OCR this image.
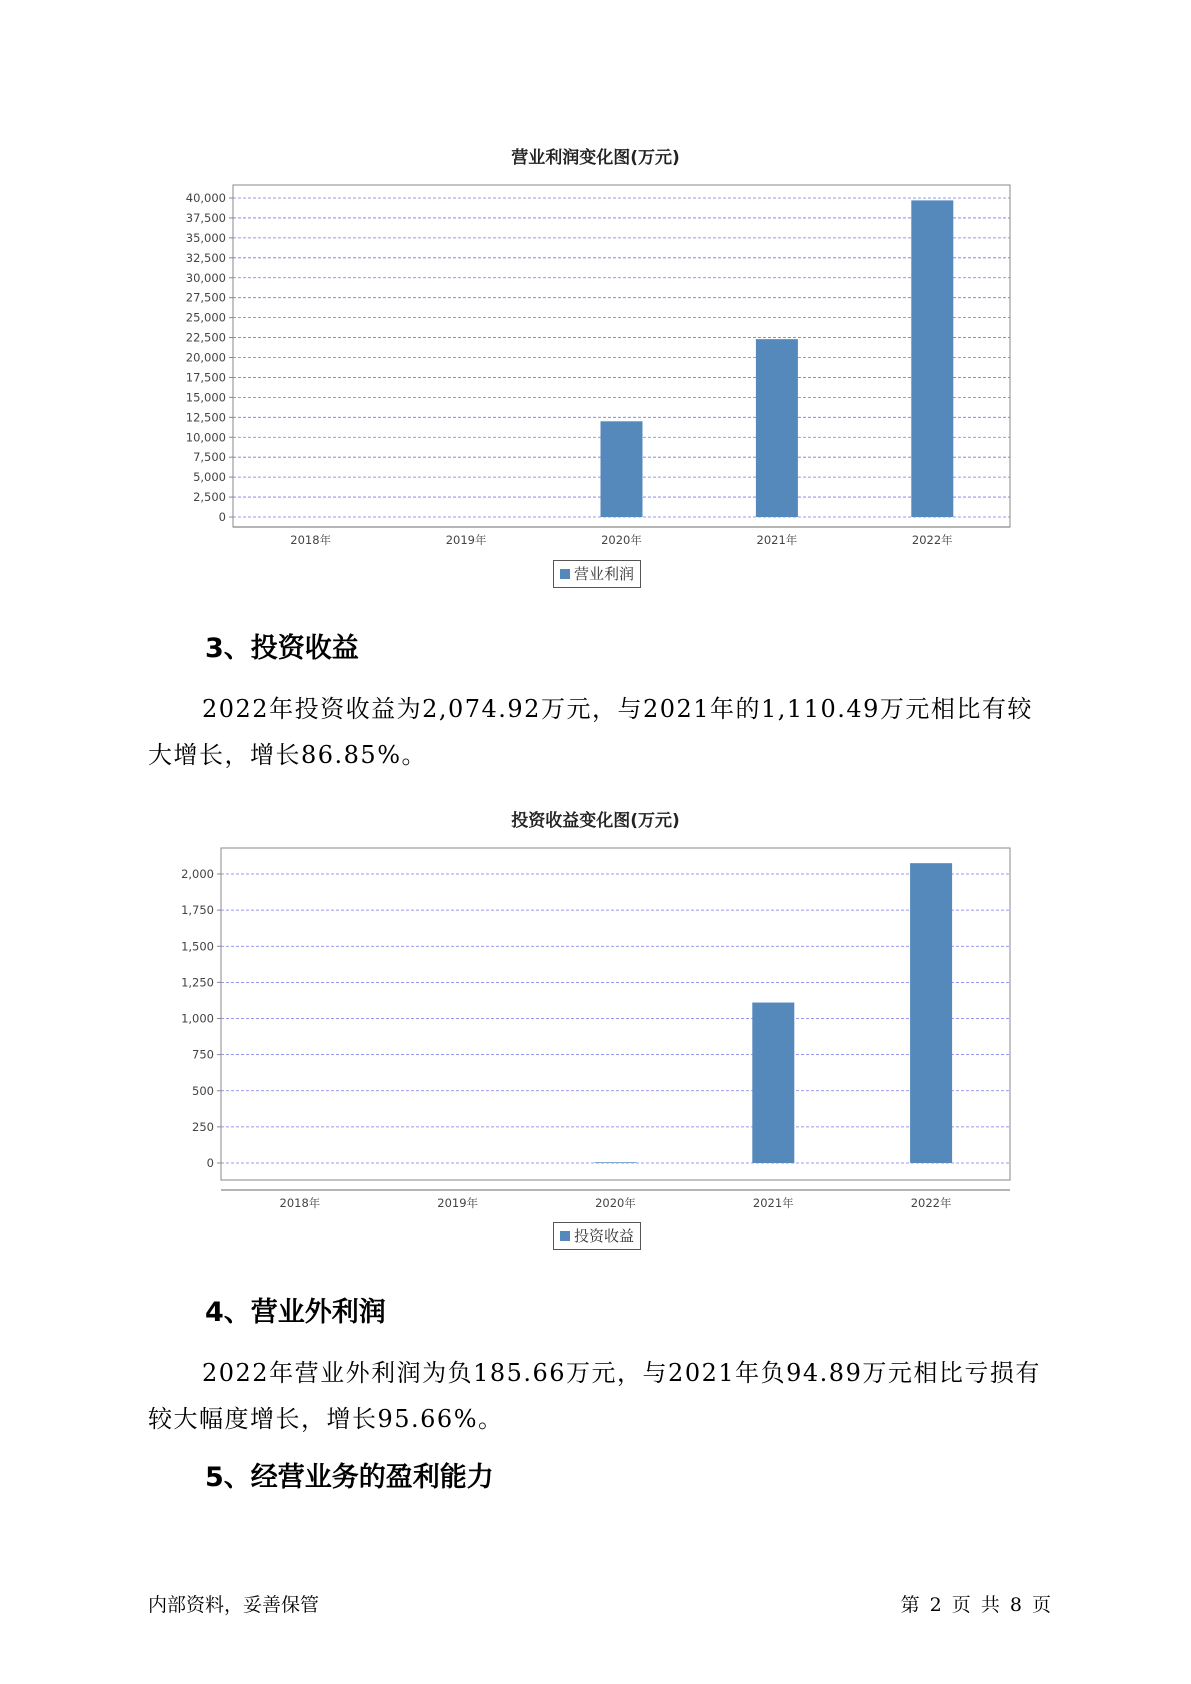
营业利润变化图(万元)
0
2,500
5,000
7,500
10,000
12,500
15,000
17,500
20,000
22,500
25,000
27,500
30,000
32,500
35,000
37,500
40,000
2018年	2019年	2020年	2021年	2022年
营业利润
3、投资收益
2022年投资收益为2,074.92万元，与2021年的1,110.49万元相比有较大增长，增长86.85%。
投资收益变化图(万元)
0
250
500
750
1,000
1,250
1,500
1,750
2,000
2018年	2019年	2020年	2021年	2022年
投资收益
4、营业外利润
2022年营业外利润为负185.66万元，与2021年负94.89万元相比亏损有较大幅度增长，增长95.66%。
5、经营业务的盈利能力
内部资料，妥善保管	第 2 页 共 8 页
